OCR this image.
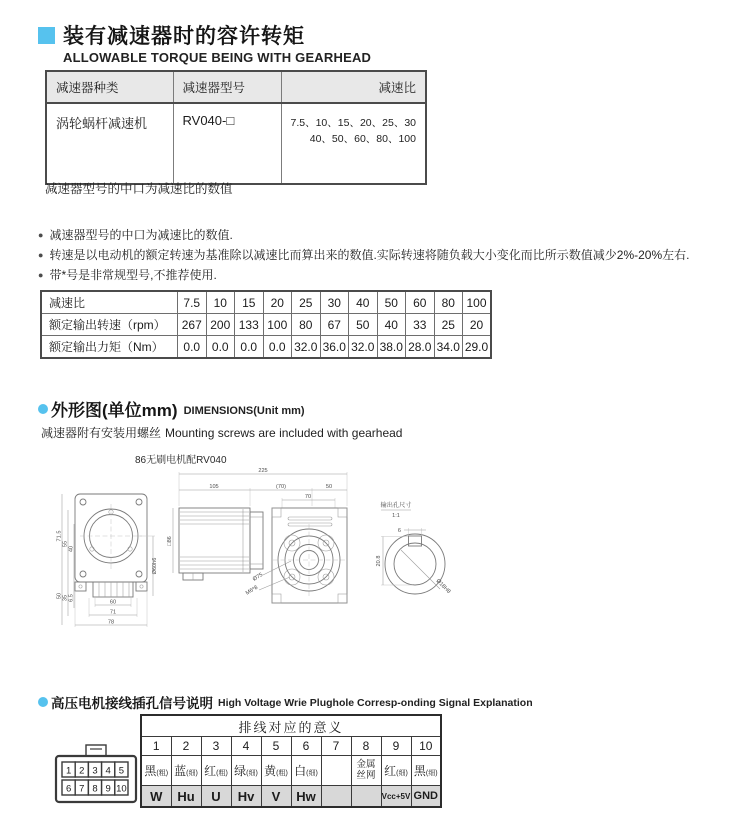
装有减速器时的容许转矩
ALLOWABLE TORQUE BEING WITH GEARHEAD
减速器种类	减速器型号	减速比
涡轮蜗杆减速机	RV040-□	7.5、10、15、20、25、30
40、50、60、80、100
减速器型号的中口为减速比的数值
● 减速器型号的中口为减速比的数值.
● 转速是以电动机的额定转速为基准除以减速比而算出来的数值.实际转速将随负载大小变化而比所示数值减少2%-20%左右.
● 带*号是非常规型号,不推荐使用.
减速比	7.5	10	15	20	25	30	40	50	60	80	100
额定输出转速（rpm）	267	200	133	100	80	67	50	40	33	25	20
额定输出力矩（Nm）	0.0	0.0	0.0	0.0	32.0	36.0	32.0	38.0	28.0	34.0	29.0
外形图(单位mm) DIMENSIONS(Unit mm)
减速器附有安装用螺丝 Mounting screws are included with gearhead
86无刷电机配RV040
60
71
78
71.5
55
40
50 35 6.5
Ø60h6
225
105	(70)	50
70
□86
Ø75
M6*8
输出孔尺寸
1:1
6
20.8
Ø18H8
高压电机接线插孔信号说明 High Voltage Wrie Plughole Corresp-onding Signal Explanation
1 2 3 4 5
6 7 8 9 10
排线对应的意义									
1	2	3	4	5	6	7	8	9	10
黑(粗)	蓝(细)	红(粗)	绿(细)	黄(粗)	白(细)		金属丝网	红(细)	黑(细)
W	Hu	U	Hv	V	Hw			Vcc+5V	GND
